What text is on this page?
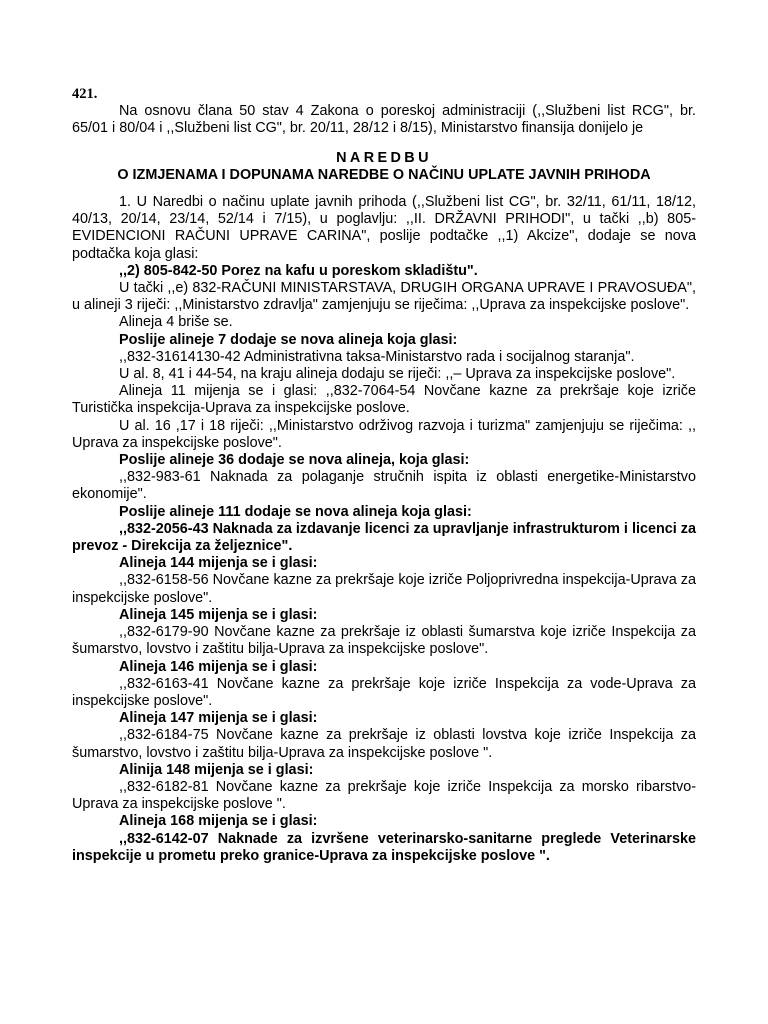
421.

Na osnovu člana 50 stav 4 Zakona o poreskoj administraciji (,,Službeni list RCG", br. 65/01 i 80/04 i ,,Službeni list CG", br. 20/11, 28/12 i 8/15), Ministarstvo finansija donijelo je

NAREDBU

O IZMJENAMA I DOPUNAMA NAREDBE O NAČINU UPLATE JAVNIH PRIHODA

1. U Naredbi o načinu uplate javnih prihoda (,,Službeni list CG", br. 32/11, 61/11, 18/12, 40/13, 20/14, 23/14, 52/14 i 7/15), u poglavlju: ,,II. DRŽAVNI PRIHODI", u tački ,,b) 805-EVIDENCIONI RAČUNI UPRAVE CARINA", poslije podtačke ,,1) Akcize", dodaje se nova podtačka koja glasi:

,,2) 805-842-50 Porez na kafu u poreskom skladištu".

U tački ,,e) 832-RAČUNI MINISTARSTAVA, DRUGIH ORGANA UPRAVE I PRAVOSUĐA", u alineji 3 riječi: ,,Ministarstvo zdravlja" zamjenjuju se riječima: ,,Uprava za inspekcijske poslove".

Alineja 4 briše se.

Poslije alineje 7 dodaje se nova alineja koja glasi:

,,832-31614130-42 Administrativna taksa-Ministarstvo rada i socijalnog staranja".

U al. 8, 41 i 44-54, na kraju alineja dodaju se riječi: ,,– Uprava za inspekcijske poslove".

Alineja 11 mijenja se i glasi: ,,832-7064-54 Novčane kazne za prekršaje koje izriče Turistička inspekcija-Uprava za inspekcijske poslove.

U al. 16 ,17 i 18 riječi: ,,Ministarstvo održivog razvoja i turizma" zamjenjuju se riječima: ,, Uprava za inspekcijske poslove".

Poslije alineje 36 dodaje se nova alineja, koja glasi:

,,832-983-61 Naknada za polaganje stručnih ispita iz oblasti energetike-Ministarstvo ekonomije".

Poslije alineje 111 dodaje se nova alineja koja glasi:

,,832-2056-43 Naknada za izdavanje licenci za upravljanje infrastrukturom i licenci za prevoz - Direkcija za željeznice".

Alineja 144 mijenja se i glasi:

,,832-6158-56 Novčane kazne za prekršaje koje izriče Poljoprivredna inspekcija-Uprava za inspekcijske poslove".

Alineja 145 mijenja se i glasi:

,,832-6179-90 Novčane kazne za prekršaje iz oblasti šumarstva koje izriče Inspekcija za šumarstvo, lovstvo i zaštitu bilja-Uprava za inspekcijske poslove".

Alineja 146 mijenja se i glasi:

,,832-6163-41 Novčane kazne za prekršaje koje izriče Inspekcija za vode-Uprava za inspekcijske poslove".

Alineja 147 mijenja se i glasi:

,,832-6184-75 Novčane kazne za prekršaje iz oblasti lovstva koje izriče Inspekcija za šumarstvo, lovstvo i zaštitu bilja-Uprava za inspekcijske poslove ".

Alinija 148 mijenja se i glasi:

,,832-6182-81 Novčane kazne za prekršaje koje izriče Inspekcija za morsko ribarstvo-Uprava za inspekcijske poslove ".

Alineja 168 mijenja se i glasi:

,,832-6142-07 Naknade za izvršene veterinarsko-sanitarne preglede Veterinarske inspekcije u prometu preko granice-Uprava za inspekcijske poslove ".
